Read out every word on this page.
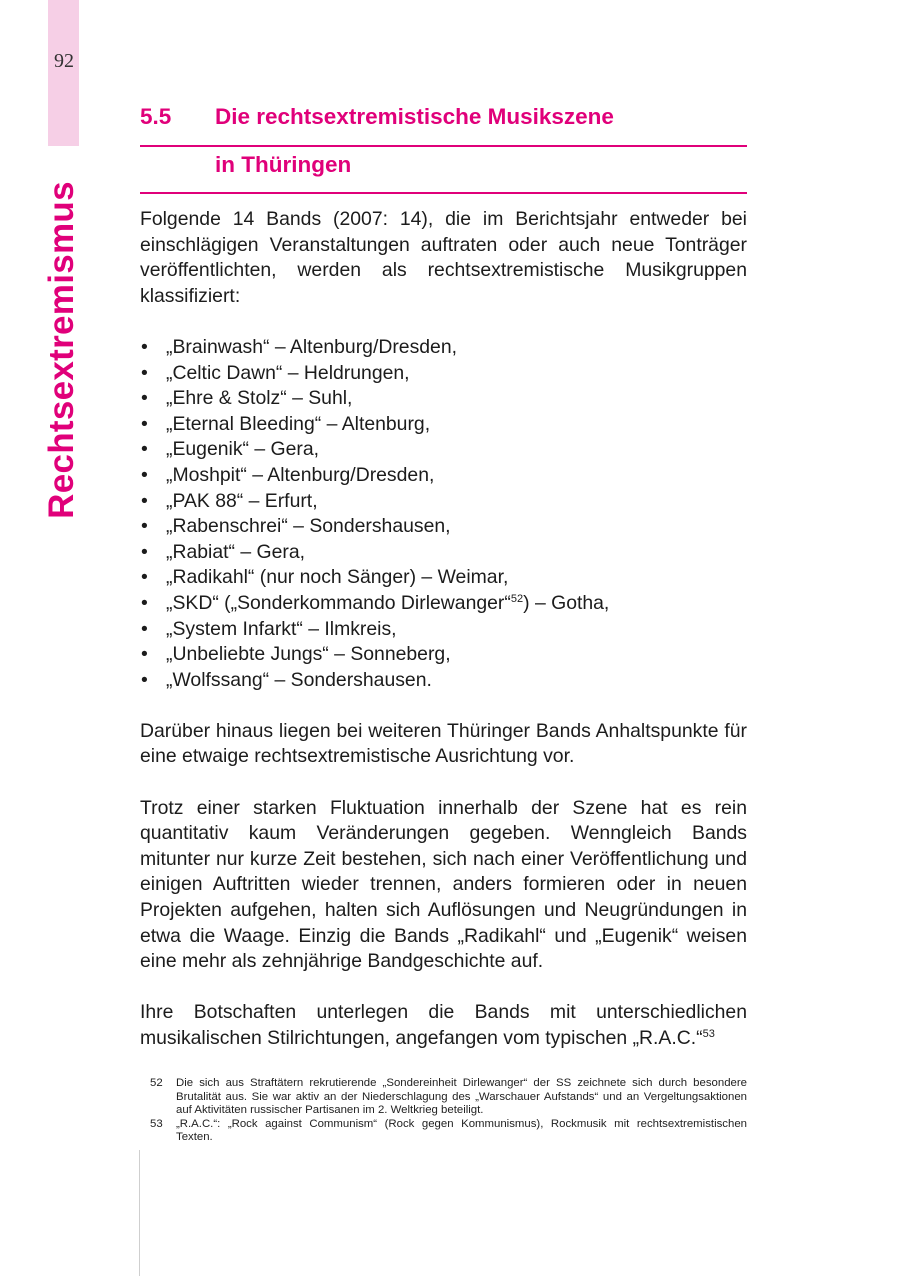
92
Rechtsextremismus
5.5 Die rechtsextremistische Musikszene
in Thüringen

Folgende 14 Bands (2007: 14), die im Berichtsjahr entweder bei einschlägigen Veranstaltungen auftraten oder auch neue Tonträger veröffentlichten, werden als rechtsextremistische Musikgruppen klassifiziert:

• „Brainwash“ – Altenburg/Dresden,
• „Celtic Dawn“ – Heldrungen,
• „Ehre & Stolz“ – Suhl,
• „Eternal Bleeding“ – Altenburg,
• „Eugenik“ – Gera,
• „Moshpit“ – Altenburg/Dresden,
• „PAK 88“ – Erfurt,
• „Rabenschrei“ – Sondershausen,
• „Rabiat“ – Gera,
• „Radikahl“ (nur noch Sänger) – Weimar,
• „SKD“ („Sonderkommando Dirlewanger“$^{52}$) – Gotha,
• „System Infarkt“ – Ilmkreis,
• „Unbeliebte Jungs“ – Sonneberg,
• „Wolfssang“ – Sondershausen.

Darüber hinaus liegen bei weiteren Thüringer Bands Anhaltspunkte für eine etwaige rechtsextremistische Ausrichtung vor.

Trotz einer starken Fluktuation innerhalb der Szene hat es rein quantitativ kaum Veränderungen gegeben. Wenngleich Bands mitunter nur kurze Zeit bestehen, sich nach einer Veröffentlichung und einigen Auftritten wieder trennen, anders formieren oder in neuen Projekten aufgehen, halten sich Auflösungen und Neugründungen in etwa die Waage. Einzig die Bands „Radikahl“ und „Eugenik“ weisen eine mehr als zehnjährige Bandgeschichte auf.

Ihre Botschaften unterlegen die Bands mit unterschiedlichen musikalischen Stilrichtungen, angefangen vom typischen „R.A.C.“$^{53}$

52 Die sich aus Straftätern rekrutierende „Sondereinheit Dirlewanger“ der SS zeichnete sich durch besondere Brutalität aus. Sie war aktiv an der Niederschlagung des „Warschauer Aufstands“ und an Vergeltungsaktionen auf Aktivitäten russischer Partisanen im 2. Weltkrieg beteiligt.
53 „R.A.C.“: „Rock against Communism“ (Rock gegen Kommunismus), Rockmusik mit rechtsextremistischen Texten.
